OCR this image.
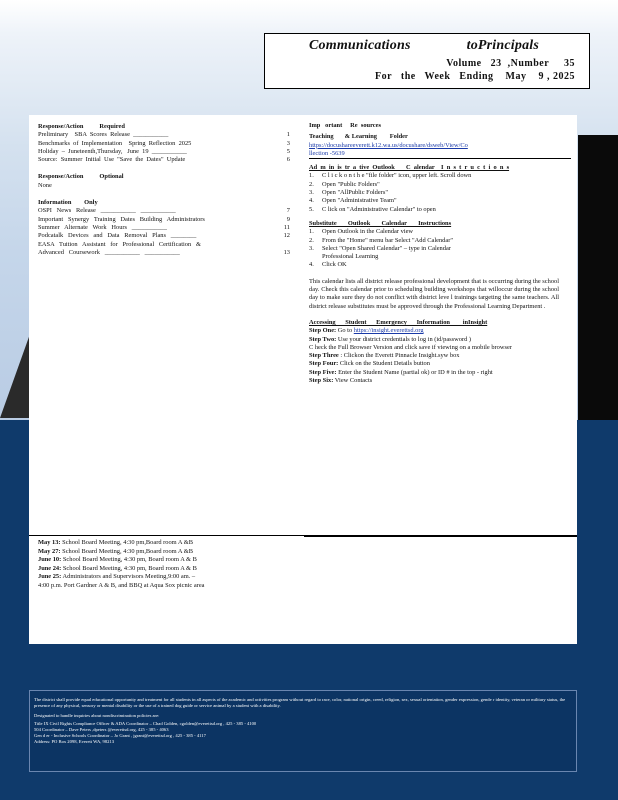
Communications	toPrincipals
Volume   23  ,Number     35
For   the   Week   Ending    May    9 , 2025
Response/Action          Required
Preliminary    SBA  Scores  Release  ___________	1
Benchmarks  of  Implementation    Spring  Reflection  2025	3
Holiday  –  Juneteenth,Thursday,   June  19  ___________	5
Source:  Summer  Initial  Use  "Save  the  Dates"  Update	6
Response/Action          Optional
None
Information        Only
OSPI   News   Release   ___________   ___________	7
Important   Synergy   Training   Dates   Building   Administrators	9
Summer   Alternate   Work   Hours   ___________	11
Podcatalk   Devices   and   Data   Removal   Plans   ________	12
EASA   Tuition   Assistant   for   Professional   Certification   &
Advanced   Coursework   ___________   ___________	13
Imp   ortant     Re  sources
Teaching       & Learning        Folder
https://docushareeverett.k12.wa.us/docushare/dsweb/View/Co
llection -5639
Ad  m  in  is  tr  a  tive  Outlook       C  alendar    I  n  s  t  r  u  c  t  i  o  n  s
1.	C l i c k o n t h e "file folder" icon, upper left. Scroll down
2.	Open "Public Folders"
3.	Open "AllPublic Folders"
4.	Open "Administrative Team"
5.	C lick on "Administrative Calendar" to open
Substitute       Outlook       Calendar       Instructions
1.	Open Outlook in the Calendar view
2.	From the "Home" menu bar Select "Add Calendar"
3.	Select "Open Shared Calendar" – type in Calendar
Professional Learning
4.	Click OK
This calendar lists all district release professional development that is occurring during the school day. Check this calendar prior to scheduling building workshops that willoccur during the school day to make sure they do not conflict with district leve l trainings targeting the same teachers. All district release substitutes must be approved through the Professional Learning Department .
Accessing      Student      Emergency      Information        inInsight
Step One: Go to https://insight.everettsd.org
Step Two: Use your district credentials to log in (id/password )
C heck the Full Browser Version and click save if viewing on a mobile browser
Step Three : Clickon the Everett Pinnacle Insight.syw box
Step Four: Click on the Student Details button
Step Five: Enter the Student Name (partial ok) or ID # in the top - right
Step Six: View Contacts
May 13: School Board Meeting, 4:30 pm,Board room A &B
May 27: School Board Meeting, 4:30 pm,Board room A &B
June 10: School Board Meeting, 4:30 pm, Board room A & B
June 24: School Board Meeting, 4:30 pm, Board room A & B
June 25: Administrators and Supervisors Meeting,9:00 am. –
4:00 p.m. Port Gardner A & B, and BBQ at Aqua Sox picnic area

The district shall provide equal educational opportunity and treatment for all students in all aspects of the academic and activities program without regard to race, color, national origin, creed, religion, sex, sexual orientation, gender expression, gende r identity, veteran or military status, the presence of any physical, sensory or mental disability or the use of a trained dog guide or service animal by a student with a disability.

Designated to handle inquiries about nondiscrimination policies are:

Title IX Civil Rights Compliance Officer & ADA Coordinator – Chad Golden, cgolden@everettsd.org , 425 - 385 - 4100
504 Coordinator – Dave Peters ,dpeters @everettsd.org, 425 - 385 - 4063
Gen d er - Inclusive Schools Coordinator – Jo Grant , jgrant@everettsd.org , 425 - 385 - 4117
Address: PO Box 2098, Everett WA, 98213
